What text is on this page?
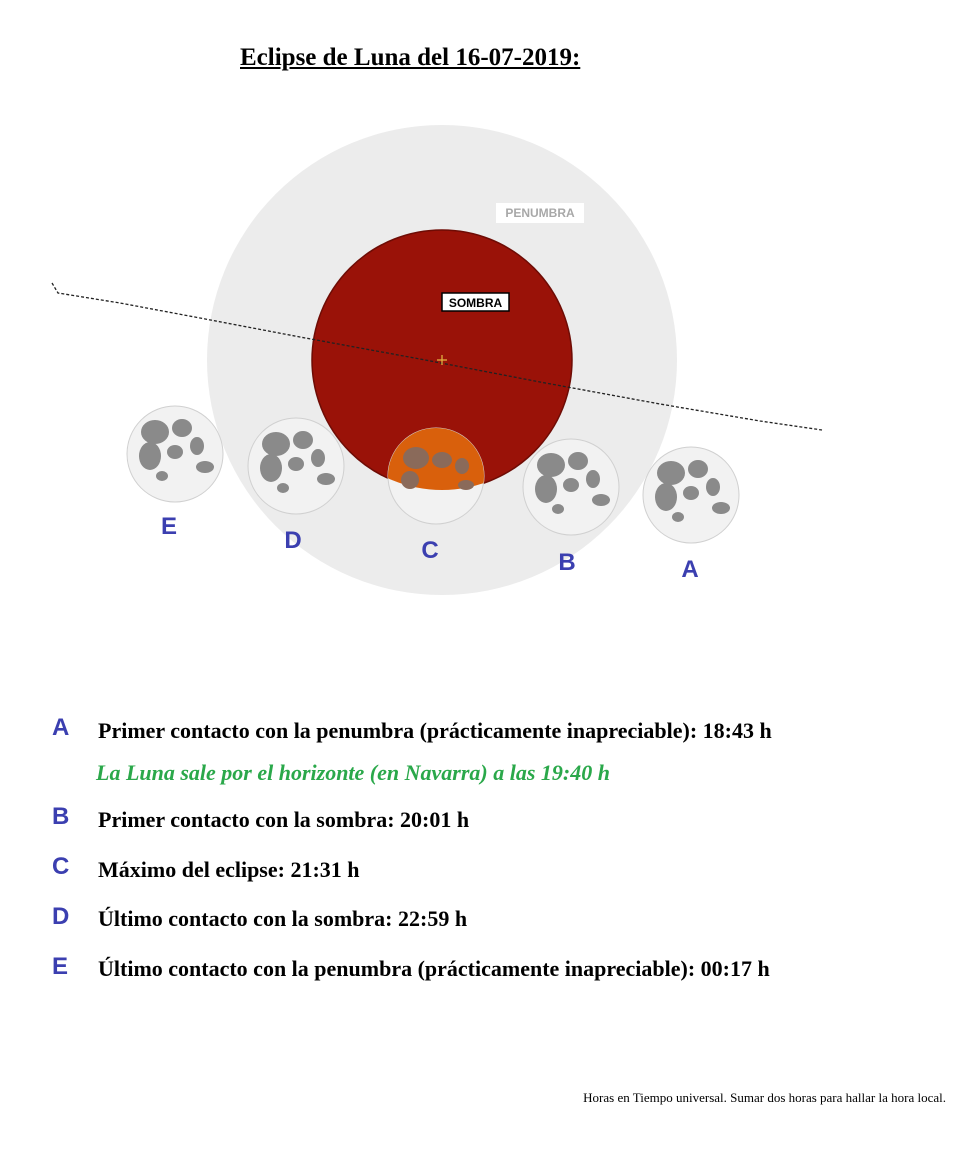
Eclipse de Luna del 16-07-2019:
PENUMBRA
SOMBRA
E
D	C	B	A
A Primer contacto con la penumbra (prácticamente inapreciable): 18:43 h
La Luna sale por el horizonte (en Navarra) a las 19:40 h
B Primer contacto con la sombra: 20:01 h
C Máximo del eclipse: 21:31 h
D Último contacto con la sombra: 22:59 h
E Último contacto con la penumbra (prácticamente inapreciable): 00:17 h
Horas en Tiempo universal. Sumar dos horas para hallar la hora local.
